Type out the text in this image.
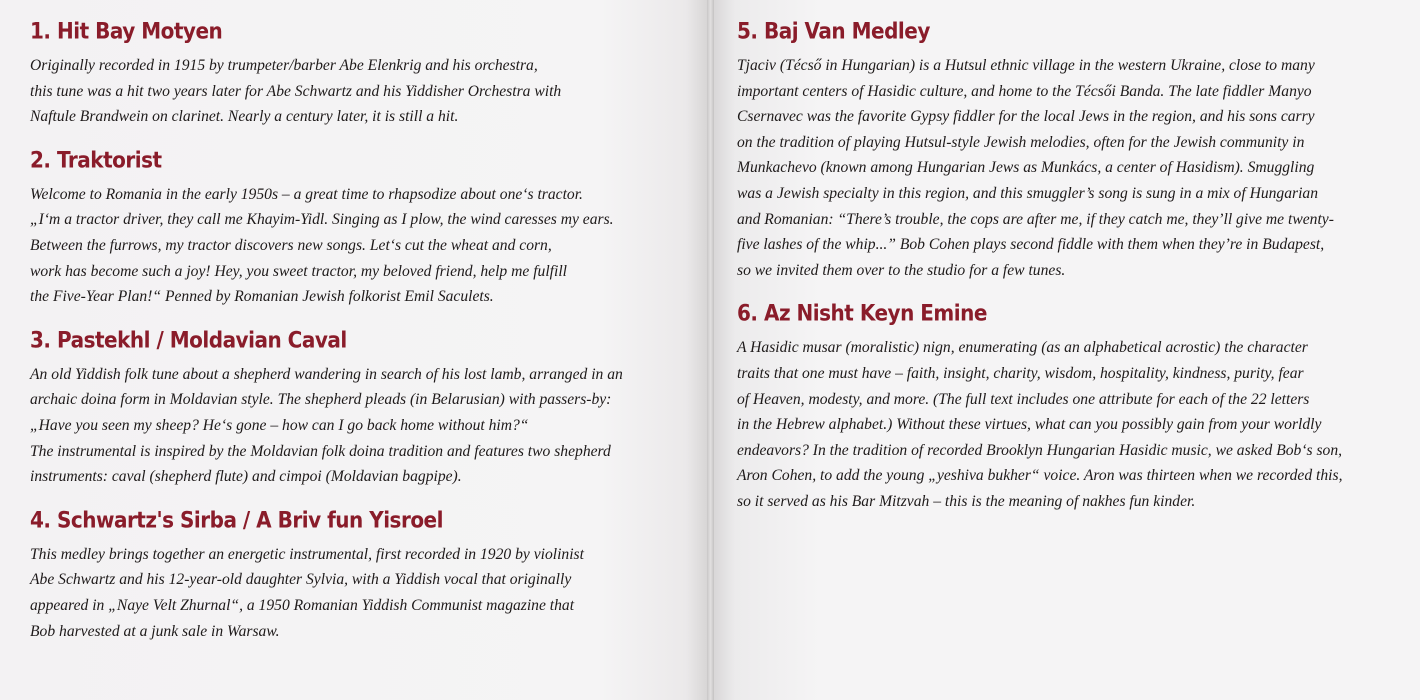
1. Hit Bay Motyen

Originally recorded in 1915 by trumpeter/barber Abe Elenkrig and his orchestra,
this tune was a hit two years later for Abe Schwartz and his Yiddisher Orchestra with
Naftule Brandwein on clarinet. Nearly a century later, it is still a hit.

2. Traktorist

Welcome to Romania in the early 1950s – a great time to rhapsodize about one‘s tractor.
„I‘m a tractor driver, they call me Khayim-Yidl. Singing as I plow, the wind caresses my ears.
Between the furrows, my tractor discovers new songs. Let‘s cut the wheat and corn,
work has become such a joy! Hey, you sweet tractor, my beloved friend, help me fulfill
the Five-Year Plan!“ Penned by Romanian Jewish folkorist Emil Saculets.

3. Pastekhl / Moldavian Caval

An old Yiddish folk tune about a shepherd wandering in search of his lost lamb, arranged in an
archaic doina form in Moldavian style. The shepherd pleads (in Belarusian) with passers-by:
„Have you seen my sheep? He‘s gone – how can I go back home without him?“
The instrumental is inspired by the Moldavian folk doina tradition and features two shepherd
instruments: caval (shepherd flute) and cimpoi (Moldavian bagpipe).

4. Schwartz's Sirba / A Briv fun Yisroel

This medley brings together an energetic instrumental, first recorded in 1920 by violinist
Abe Schwartz and his 12-year-old daughter Sylvia, with a Yiddish vocal that originally
appeared in „Naye Velt Zhurnal“, a 1950 Romanian Yiddish Communist magazine that
Bob harvested at a junk sale in Warsaw.

5. Baj Van Medley

Tjaciv (Técső in Hungarian) is a Hutsul ethnic village in the western Ukraine, close to many
important centers of Hasidic culture, and home to the Técsői Banda. The late fiddler Manyo
Csernavec was the favorite Gypsy fiddler for the local Jews in the region, and his sons carry
on the tradition of playing Hutsul-style Jewish melodies, often for the Jewish community in
Munkachevo (known among Hungarian Jews as Munkács, a center of Hasidism). Smuggling
was a Jewish specialty in this region, and this smuggler’s song is sung in a mix of Hungarian
and Romanian: “There’s trouble, the cops are after me, if they catch me, they’ll give me twenty-
five lashes of the whip...” Bob Cohen plays second fiddle with them when they’re in Budapest,
so we invited them over to the studio for a few tunes.

6. Az Nisht Keyn Emine

A Hasidic musar (moralistic) nign, enumerating (as an alphabetical acrostic) the character
traits that one must have – faith, insight, charity, wisdom, hospitality, kindness, purity, fear
of Heaven, modesty, and more. (The full text includes one attribute for each of the 22 letters
in the Hebrew alphabet.) Without these virtues, what can you possibly gain from your worldly
endeavors? In the tradition of recorded Brooklyn Hungarian Hasidic music, we asked Bob‘s son,
Aron Cohen, to add the young „yeshiva bukher“ voice. Aron was thirteen when we recorded this,
so it served as his Bar Mitzvah – this is the meaning of nakhes fun kinder.
